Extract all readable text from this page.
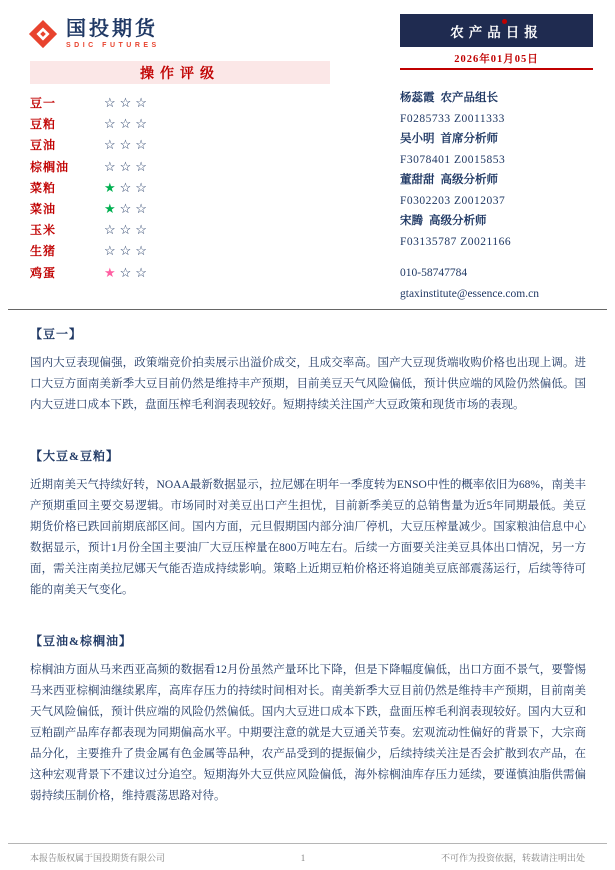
国投期货
SDIC FUTURES
农产品日报
2026年01月05日
操作评级
豆一	☆☆☆
豆粕	☆☆☆
豆油	☆☆☆
棕榈油	☆☆☆
菜粕	★☆☆
菜油	★☆☆
玉米	☆☆☆
生猪	☆☆☆
鸡蛋	★☆☆
杨蕊霞 农产品组长
F0285733 Z0011333
吴小明 首席分析师
F3078401 Z0015853
董甜甜 高级分析师
F0302203 Z0012037
宋腾 高级分析师
F03135787 Z0021166
010-58747784
gtaxinstitute@essence.com.cn
【豆一】

国内大豆表现偏强，政策端竞价拍卖展示出溢价成交，且成交率高。国产大豆现货端收购价格也出现上调。进口大豆方面南美新季大豆目前仍然是维持丰产预期，目前美豆天气风险偏低，预计供应端的风险仍然偏低。国内大豆进口成本下跌，盘面压榨毛利润表现较好。短期持续关注国产大豆政策和现货市场的表现。

【大豆&豆粕】

近期南美天气持续好转，NOAA最新数据显示，拉尼娜在明年一季度转为ENSO中性的概率依旧为68%，南美丰产预期重回主要交易逻辑。市场同时对美豆出口产生担忧，目前新季美豆的总销售量为近5年同期最低。美豆期货价格已跌回前期底部区间。国内方面，元旦假期国内部分油厂停机，大豆压榨量减少。国家粮油信息中心数据显示，预计1月份全国主要油厂大豆压榨量在800万吨左右。后续一方面要关注美豆具体出口情况，另一方面，需关注南美拉尼娜天气能否造成持续影响。策略上近期豆粕价格还将追随美豆底部震荡运行，后续等待可能的南美天气变化。

【豆油&棕榈油】

棕榈油方面从马来西亚高频的数据看12月份虽然产量环比下降，但是下降幅度偏低，出口方面不景气，要警惕马来西亚棕榈油继续累库，高库存压力的持续时间相对长。南美新季大豆目前仍然是维持丰产预期，目前南美天气风险偏低，预计供应端的风险仍然偏低。国内大豆进口成本下跌，盘面压榨毛利润表现较好。国内大豆和豆粕副产品库存都表现为同期偏高水平。中期要注意的就是大豆通关节奏。宏观流动性偏好的背景下，大宗商品分化，主要推升了贵金属有色金属等品种，农产品受到的提振偏少，后续持续关注是否会扩散到农产品，在这种宏观背景下不建议过分追空。短期海外大豆供应风险偏低，海外棕榈油库存压力延续，要谨慎油脂供需偏弱持续压制价格，维持震荡思路对待。

本报告版权属于国投期货有限公司	1	不可作为投资依据，转载请注明出处
